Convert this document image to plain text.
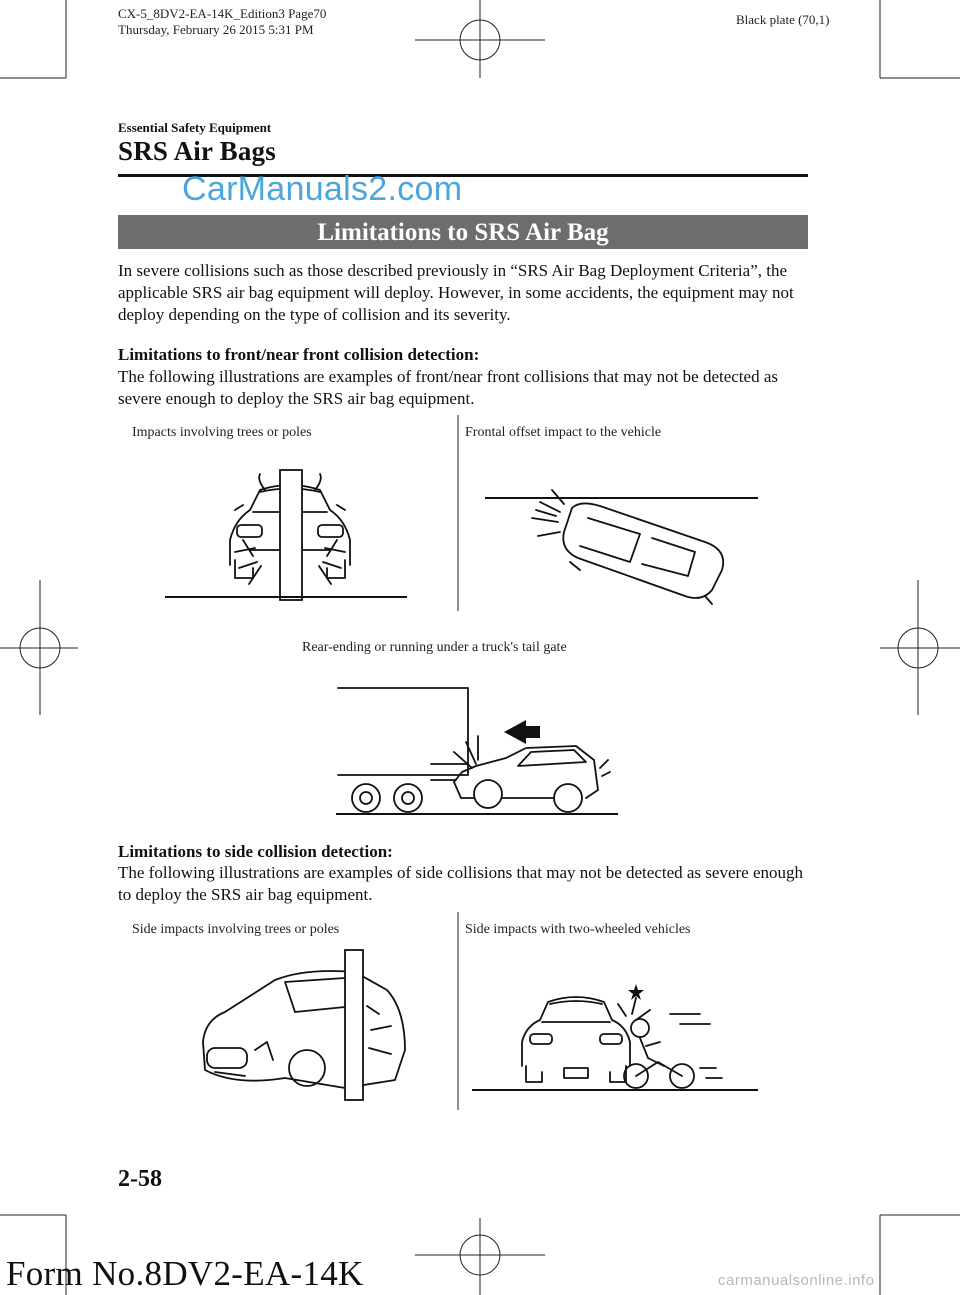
CX-5_8DV2-EA-14K_Edition3 Page70
Thursday, February 26 2015 5:31 PM
Black plate (70,1)
Essential Safety Equipment
SRS Air Bags
CarManuals2.com
Limitations to SRS Air Bag
In severe collisions such as those described previously in “SRS Air Bag Deployment Criteria”, the applicable SRS air bag equipment will deploy. However, in some accidents, the equipment may not deploy depending on the type of collision and its severity.
Limitations to front/near front collision detection:
The following illustrations are examples of front/near front collisions that may not be detected as severe enough to deploy the SRS air bag equipment.
Impacts involving trees or poles	Frontal offset impact to the vehicle
Rear-ending or running under a truck's tail gate
Limitations to side collision detection:
The following illustrations are examples of side collisions that may not be detected as severe enough to deploy the SRS air bag equipment.
Side impacts involving trees or poles	Side impacts with two-wheeled vehicles
2-58
Form No.8DV2-EA-14K	carmanualsonline.info
